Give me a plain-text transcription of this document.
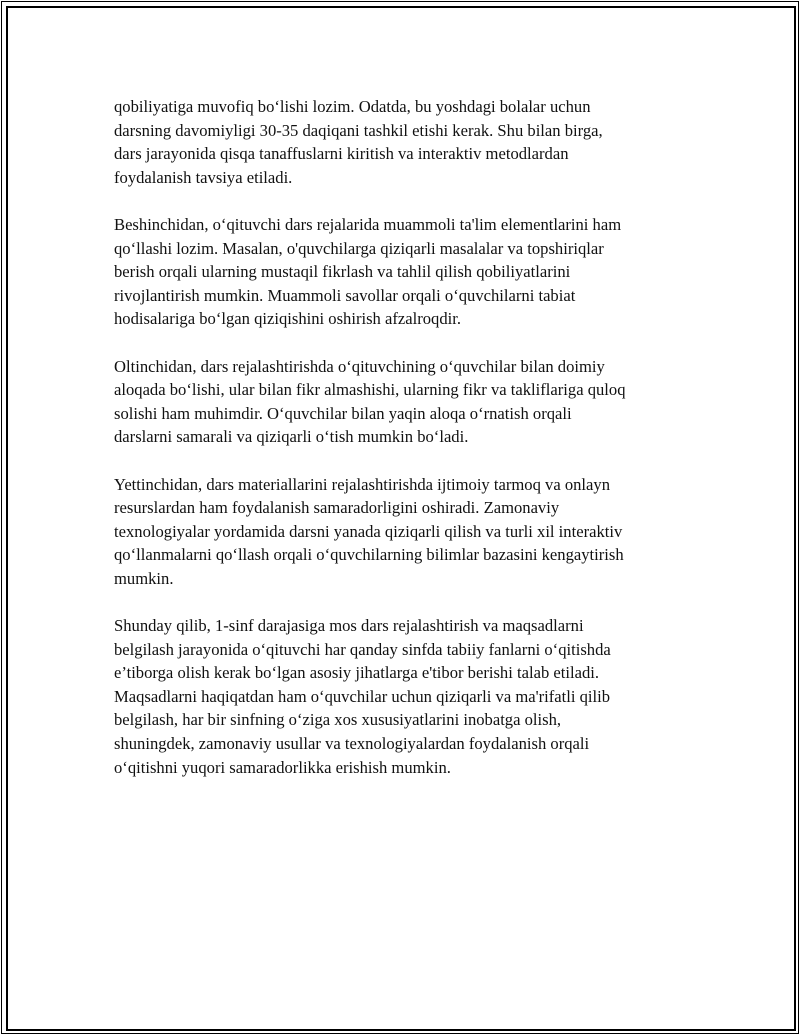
qobiliyatiga muvofiq bo‘lishi lozim. Odatda, bu yoshdagi bolalar uchun
darsning davomiyligi 30-35 daqiqani tashkil etishi kerak. Shu bilan birga,
dars jarayonida qisqa tanaffuslarni kiritish va interaktiv metodlardan
foydalanish tavsiya etiladi.

Beshinchidan, o‘qituvchi dars rejalarida muammoli ta'lim elementlarini ham
qo‘llashi lozim. Masalan, o'quvchilarga qiziqarli masalalar va topshiriqlar
berish orqali ularning mustaqil fikrlash va tahlil qilish qobiliyatlarini
rivojlantirish mumkin. Muammoli savollar orqali o‘quvchilarni tabiat
hodisalariga bo‘lgan qiziqishini oshirish afzalroqdir.

Oltinchidan, dars rejalashtirishda o‘qituvchining o‘quvchilar bilan doimiy
aloqada bo‘lishi, ular bilan fikr almashishi, ularning fikr va takliflariga quloq
solishi ham muhimdir. O‘quvchilar bilan yaqin aloqa o‘rnatish orqali
darslarni samarali va qiziqarli o‘tish mumkin bo‘ladi.

Yettinchidan, dars materiallarini rejalashtirishda ijtimoiy tarmoq va onlayn
resurslardan ham foydalanish samaradorligini oshiradi. Zamonaviy
texnologiyalar yordamida darsni yanada qiziqarli qilish va turli xil interaktiv
qo‘llanmalarni qo‘llash orqali o‘quvchilarning bilimlar bazasini kengaytirish
mumkin.

Shunday qilib, 1-sinf darajasiga mos dars rejalashtirish va maqsadlarni
belgilash jarayonida o‘qituvchi har qanday sinfda tabiiy fanlarni o‘qitishda
e’tiborga olish kerak bo‘lgan asosiy jihatlarga e'tibor berishi talab etiladi.
Maqsadlarni haqiqatdan ham o‘quvchilar uchun qiziqarli va ma'rifatli qilib
belgilash, har bir sinfning o‘ziga xos xususiyatlarini inobatga olish,
shuningdek, zamonaviy usullar va texnologiyalardan foydalanish orqali
o‘qitishni yuqori samaradorlikka erishish mumkin.
